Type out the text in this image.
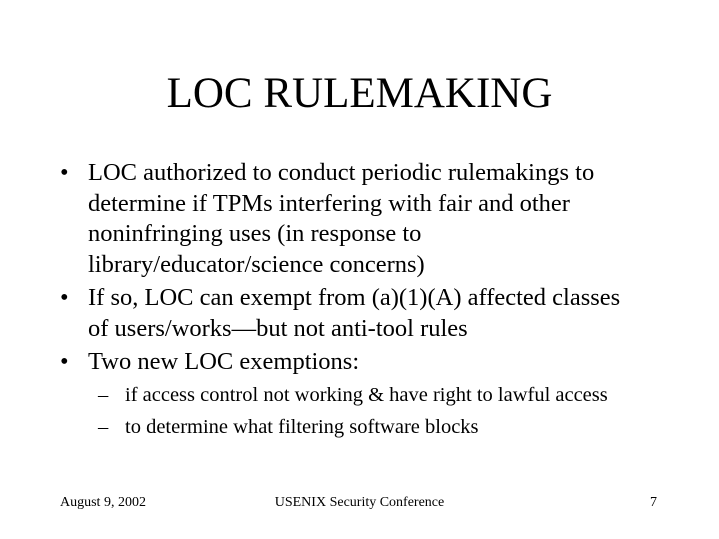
LOC RULEMAKING
• LOC authorized to conduct periodic rulemakings to determine if TPMs interfering with fair and other noninfringing uses (in response to library/educator/science concerns)
• If so, LOC can exempt from (a)(1)(A) affected classes of users/works—but not anti-tool rules
• Two new LOC exemptions:
– if access control not working & have right to lawful access
– to determine what filtering software blocks
August 9, 2002	USENIX Security Conference	7
